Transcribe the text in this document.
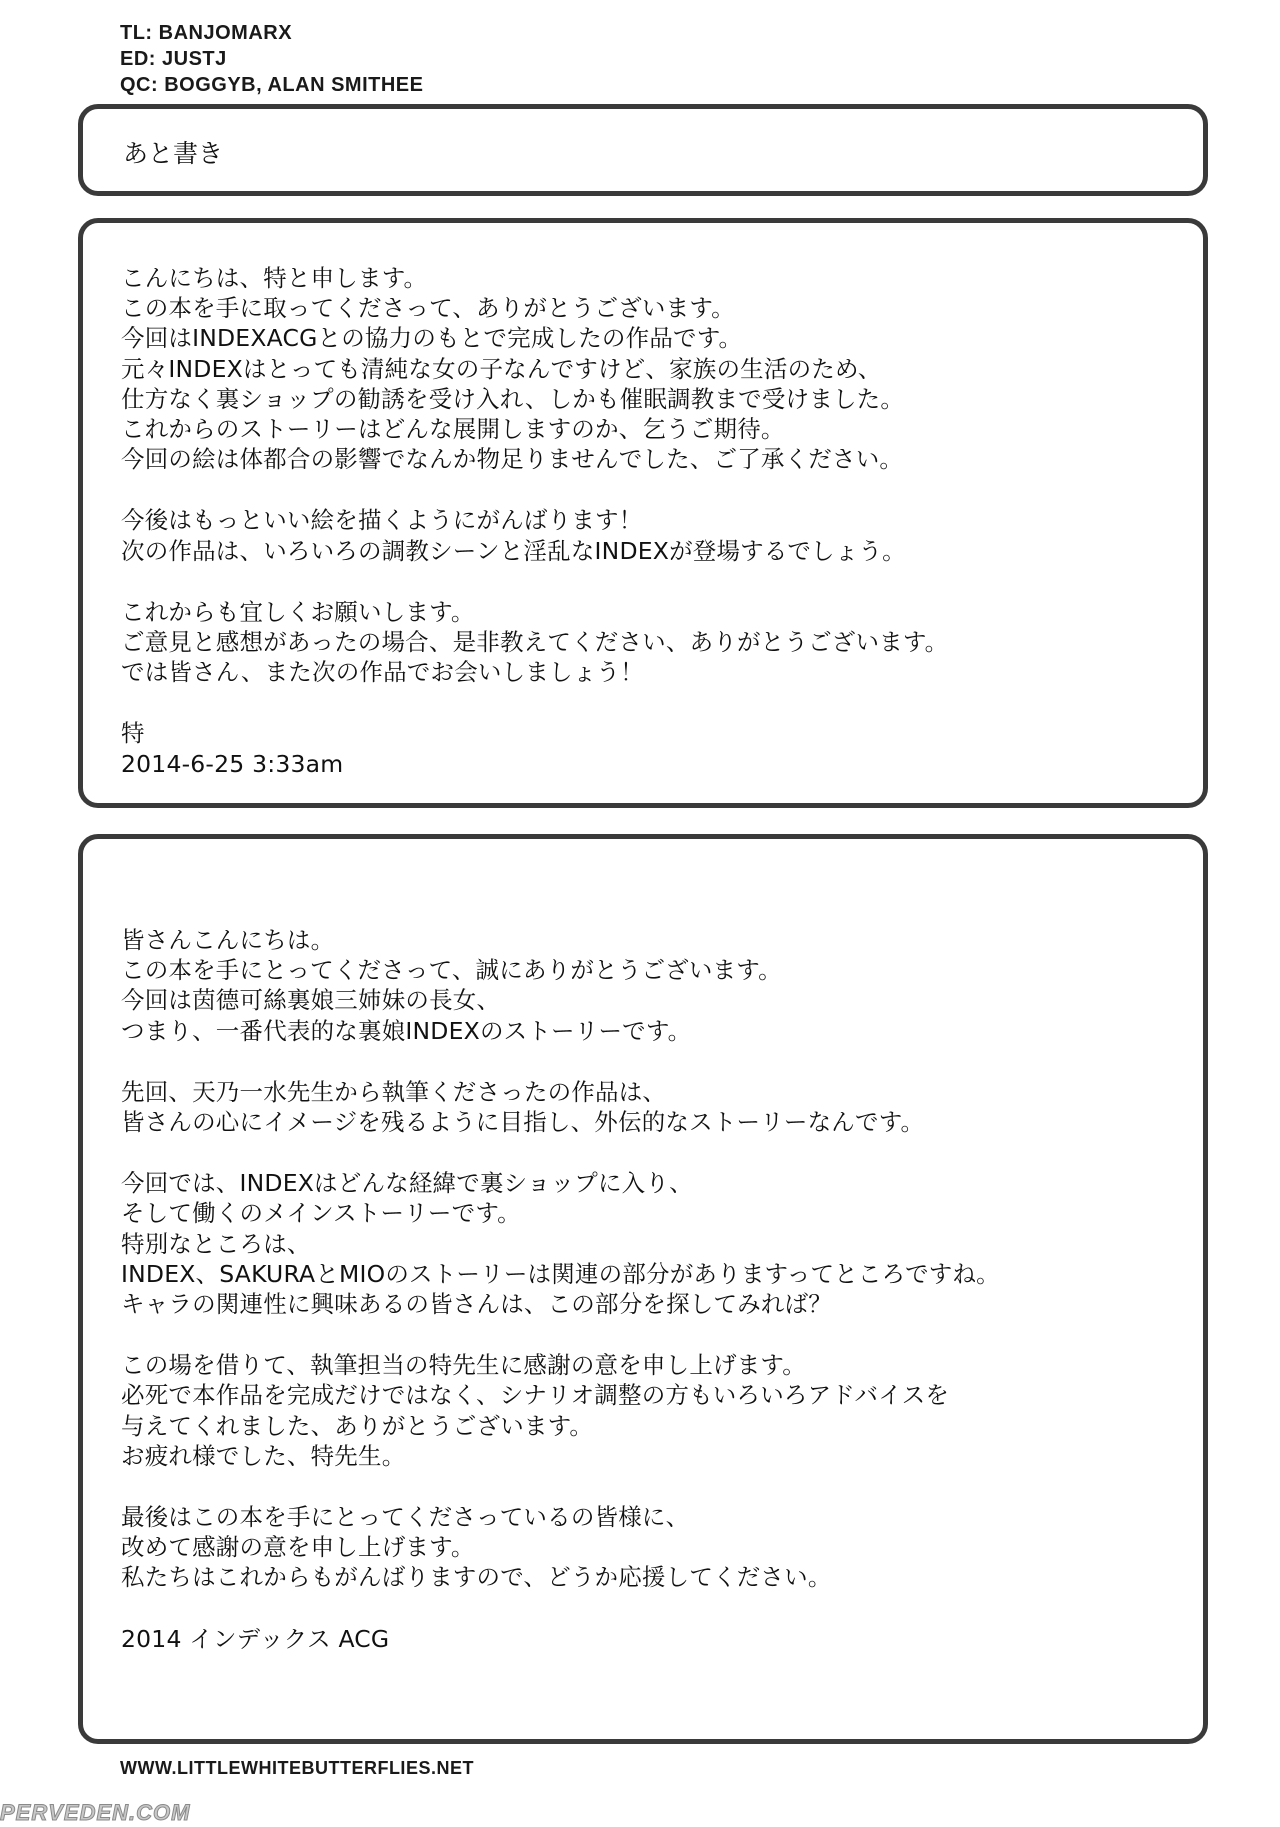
TL: BANJOMARX
ED: JUSTJ
QC: BOGGYB, ALAN SMITHEE
あと書き
こんにちは、特と申します。
この本を手に取ってくださって、ありがとうございます。
今回はINDEXACGとの協力のもとで完成したの作品です。
元々INDEXはとっても清純な女の子なんですけど、家族の生活のため、
仕方なく裏ショップの勧誘を受け入れ、しかも催眠調教まで受けました。
これからのストーリーはどんな展開しますのか、乞うご期待。
今回の絵は体都合の影響でなんか物足りませんでした、ご了承ください。
今後はもっといい絵を描くようにがんばります！
次の作品は、いろいろの調教シーンと淫乱なINDEXが登場するでしょう。
これからも宜しくお願いします。
ご意見と感想があったの場合、是非教えてください、ありがとうございます。
では皆さん、また次の作品でお会いしましょう！
特
2014-6-25 3:33am
皆さんこんにちは。
この本を手にとってくださって、誠にありがとうございます。
今回は茵德可絲裏娘三姉妹の長女、
つまり、一番代表的な裏娘INDEXのストーリーです。
先回、天乃一水先生から執筆くださったの作品は、
皆さんの心にイメージを残るように目指し、外伝的なストーリーなんです。
今回では、INDEXはどんな経緯で裏ショップに入り、
そして働くのメインストーリーです。
特別なところは、
INDEX、SAKURAとMIOのストーリーは関連の部分がありますってところですね。
キャラの関連性に興味あるの皆さんは、この部分を探してみれば？
この場を借りて、執筆担当の特先生に感謝の意を申し上げます。
必死で本作品を完成だけではなく、シナリオ調整の方もいろいろアドバイスを
与えてくれました、ありがとうございます。
お疲れ様でした、特先生。
最後はこの本を手にとってくださっているの皆様に、
改めて感謝の意を申し上げます。
私たちはこれからもがんばりますので、どうか応援してください。
2014 インデックス ACG
WWW.LITTLEWHITEBUTTERFLIES.NET
PERVEDEN.COM
